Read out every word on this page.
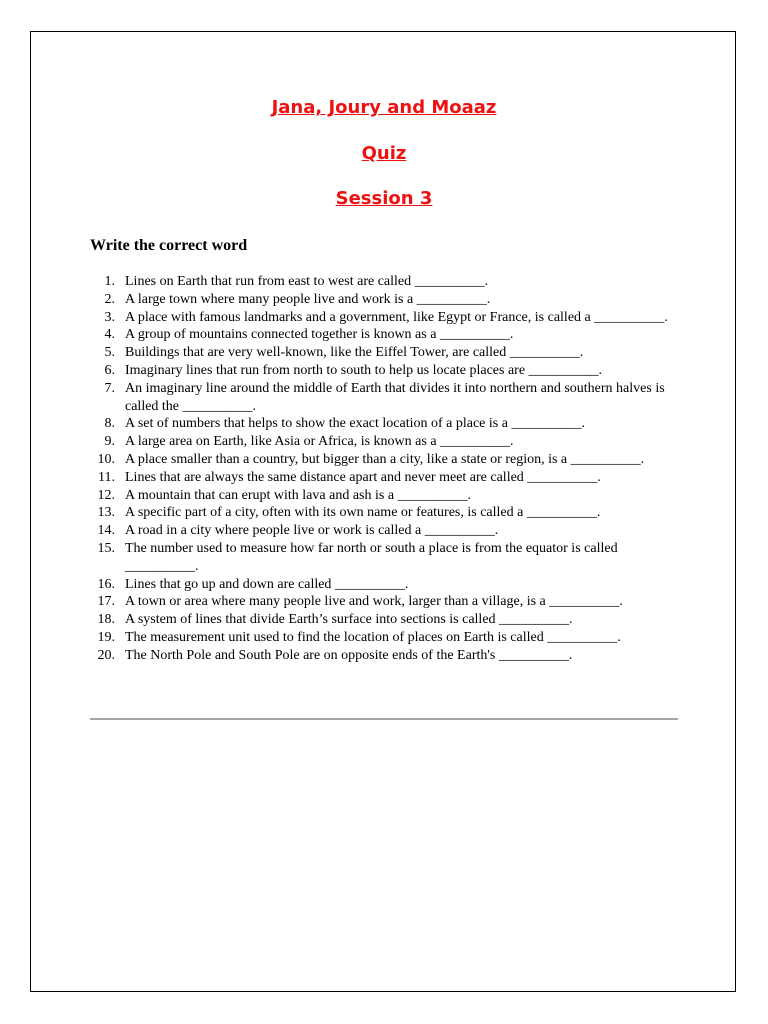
Jana, Joury and Moaaz
Quiz
Session 3

Write the correct word

1. Lines on Earth that run from east to west are called __________.
2. A large town where many people live and work is a __________.
3. A place with famous landmarks and a government, like Egypt or France, is called a __________.
4. A group of mountains connected together is known as a __________.
5. Buildings that are very well-known, like the Eiffel Tower, are called __________.
6. Imaginary lines that run from north to south to help us locate places are __________.
7. An imaginary line around the middle of Earth that divides it into northern and southern halves is called the __________.
8. A set of numbers that helps to show the exact location of a place is a __________.
9. A large area on Earth, like Asia or Africa, is known as a __________.
10. A place smaller than a country, but bigger than a city, like a state or region, is a __________.
11. Lines that are always the same distance apart and never meet are called __________.
12. A mountain that can erupt with lava and ash is a __________.
13. A specific part of a city, often with its own name or features, is called a __________.
14. A road in a city where people live or work is called a __________.
15. The number used to measure how far north or south a place is from the equator is called __________.
16. Lines that go up and down are called __________.
17. A town or area where many people live and work, larger than a village, is a __________.
18. A system of lines that divide Earth’s surface into sections is called __________.
19. The measurement unit used to find the location of places on Earth is called __________.
20. The North Pole and South Pole are on opposite ends of the Earth's __________.
